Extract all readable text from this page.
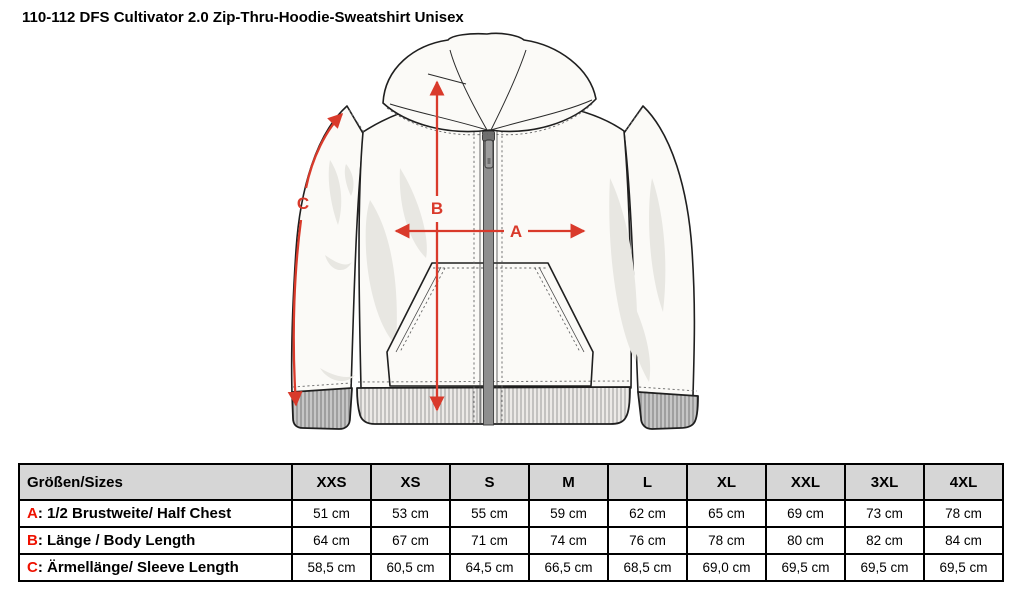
110-112 DFS Cultivator 2.0 Zip-Thru-Hoodie-Sweatshirt Unisex
A
B
C
Größen/Sizes	XXS	XS	S	M	L	XL	XXL	3XL	4XL
A: 1/2 Brustweite/ Half Chest	51 cm	53 cm	55 cm	59 cm	62 cm	65 cm	69 cm	73 cm	78 cm
B: Länge / Body Length	64 cm	67 cm	71 cm	74 cm	76 cm	78 cm	80 cm	82 cm	84 cm
C: Ärmellänge/ Sleeve Length	58,5 cm	60,5 cm	64,5 cm	66,5 cm	68,5 cm	69,0 cm	69,5 cm	69,5 cm	69,5 cm
